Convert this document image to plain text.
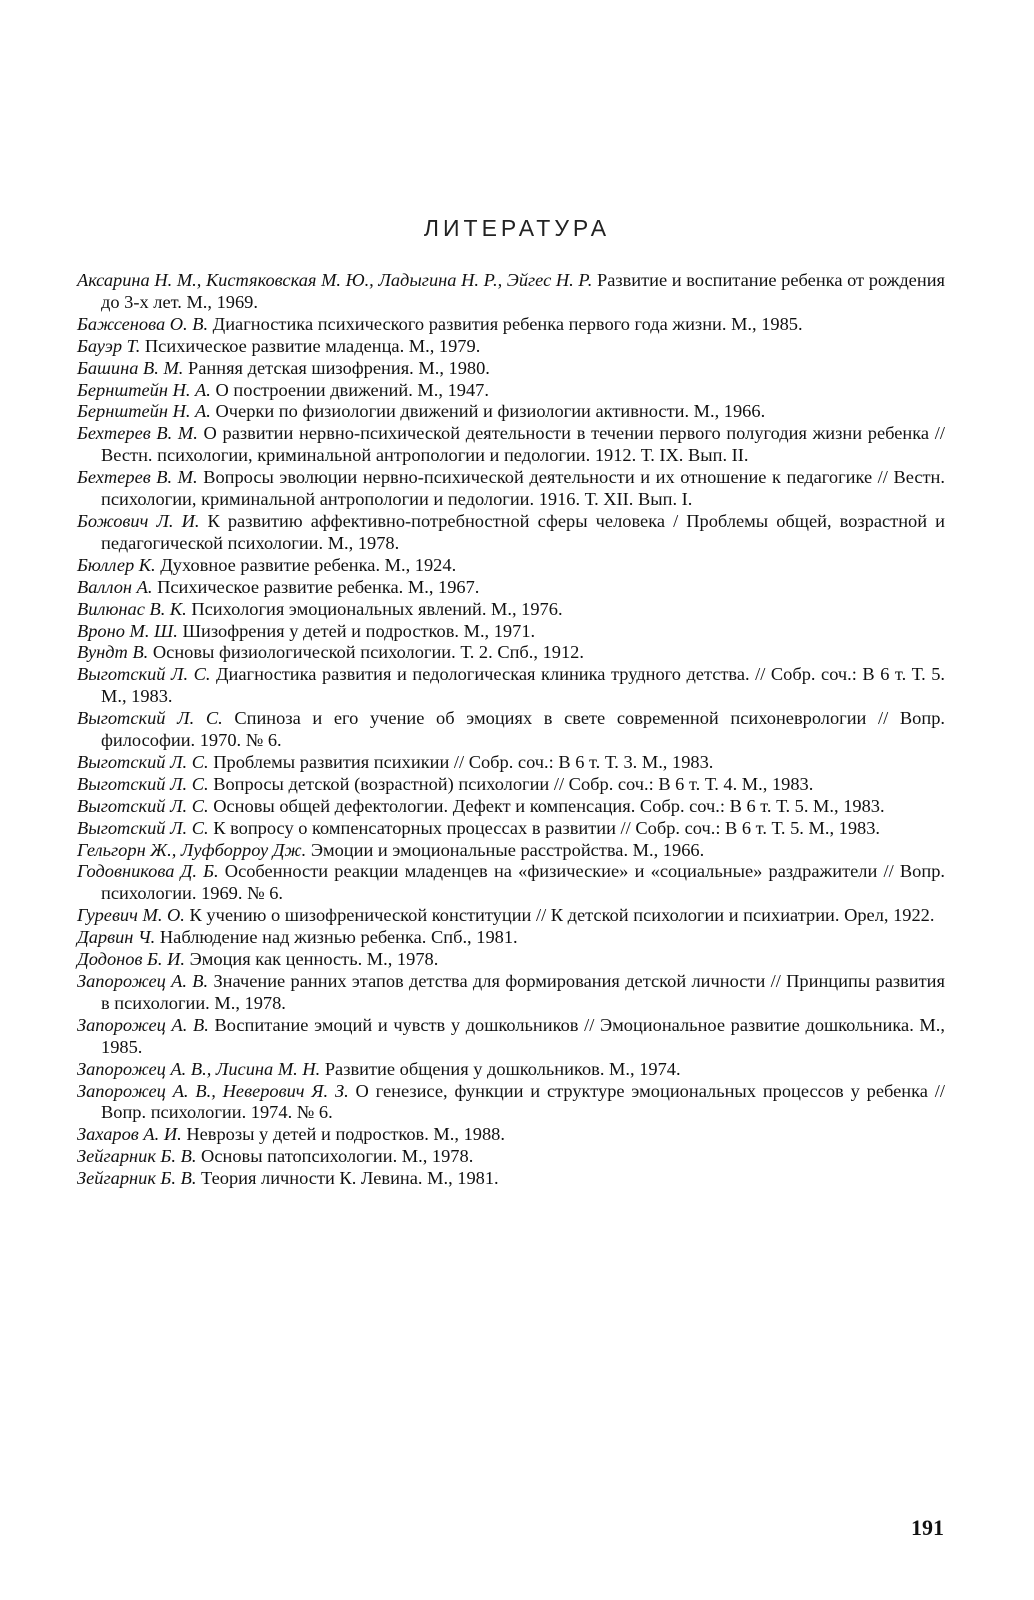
ЛИТЕРАТУРА

Аксарина Н. М., Кистяковская М. Ю., Ладыгина Н. Р., Эйгес Н. Р. Развитие и воспитание ребенка от рождения до 3-х лет. М., 1969.

Бажсенова О. В. Диагностика психического развития ребенка первого года жизни. М., 1985.

Бауэр Т. Психическое развитие младенца. М., 1979.

Башина В. М. Ранняя детская шизофрения. М., 1980.

Бернштейн Н. А. О построении движений. М., 1947.

Бернштейн Н. А. Очерки по физиологии движений и физиологии активности. М., 1966.

Бехтерев В. М. О развитии нервно-психической деятельности в течении первого полугодия жизни ребенка // Вестн. психологии, криминальной антропологии и педологии. 1912. Т. IX. Вып. II.

Бехтерев В. М. Вопросы эволюции нервно-психической деятельности и их отношение к педагогике // Вестн. психологии, криминальной антропологии и педологии. 1916. Т. XII. Вып. I.

Божович Л. И. К развитию аффективно-потребностной сферы человека / Проблемы общей, возрастной и педагогической психологии. М., 1978.

Бюллер К. Духовное развитие ребенка. М., 1924.

Валлон А. Психическое развитие ребенка. М., 1967.

Вилюнас В. К. Психология эмоциональных явлений. М., 1976.

Вроно М. Ш. Шизофрения у детей и подростков. М., 1971.

Вундт В. Основы физиологической психологии. Т. 2. Спб., 1912.

Выготский Л. С. Диагностика развития и педологическая клиника трудного детства. // Собр. соч.: В 6 т. Т. 5. М., 1983.

Выготский Л. С. Спиноза и его учение об эмоциях в свете современной психоневрологии // Вопр. философии. 1970. № 6.

Выготский Л. С. Проблемы развития психикии // Собр. соч.: В 6 т. Т. 3. М., 1983.

Выготский Л. С. Вопросы детской (возрастной) психологии // Собр. соч.: В 6 т. Т. 4. М., 1983.

Выготский Л. С. Основы общей дефектологии. Дефект и компенсация. Собр. соч.: В 6 т. Т. 5. М., 1983.

Выготский Л. С. К вопросу о компенсаторных процессах в развитии // Собр. соч.: В 6 т. Т. 5. М., 1983.

Гельгорн Ж., Луфборроу Дж. Эмоции и эмоциональные расстройства. М., 1966.

Годовникова Д. Б. Особенности реакции младенцев на «физические» и «социальные» раздражители // Вопр. психологии. 1969. № 6.

Гуревич М. О. К учению о шизофренической конституции // К детской психологии и психиатрии. Орел, 1922.

Дарвин Ч. Наблюдение над жизнью ребенка. Спб., 1981.

Додонов Б. И. Эмоция как ценность. М., 1978.

Запорожец А. В. Значение ранних этапов детства для формирования детской личности // Принципы развития в психологии. М., 1978.

Запорожец А. В. Воспитание эмоций и чувств у дошкольников // Эмоциональное развитие дошкольника. М., 1985.

Запорожец А. В., Лисина М. Н. Развитие общения у дошкольников. М., 1974.

Запорожец А. В., Неверович Я. З. О генезисе, функции и структуре эмоциональных процессов у ребенка // Вопр. психологии. 1974. № 6.

Захаров А. И. Неврозы у детей и подростков. М., 1988.

Зейгарник Б. В. Основы патопсихологии. М., 1978.

Зейгарник Б. В. Теория личности К. Левина. М., 1981.

191
